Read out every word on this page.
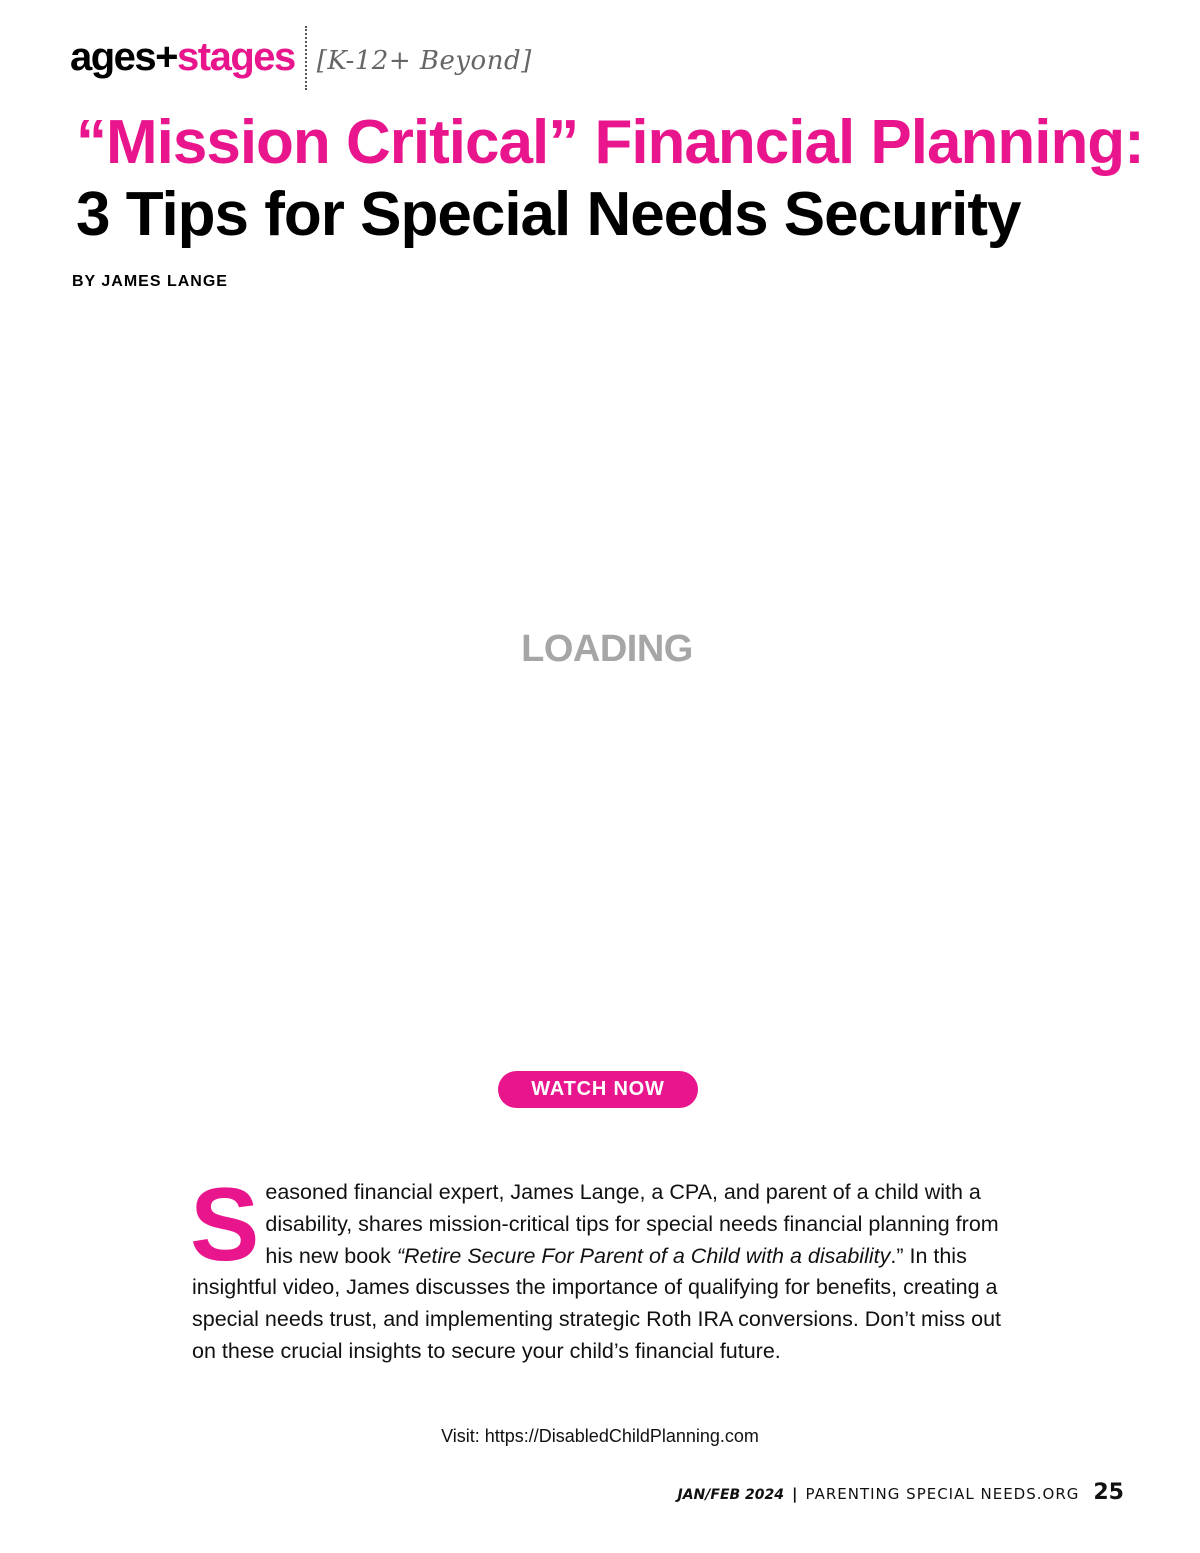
ages+stages [K-12+ Beyond]
“Mission Critical” Financial Planning:
3 Tips for Special Needs Security
BY JAMES LANGE
LOADING
WATCH NOW
Seasoned financial expert, James Lange, a CPA, and parent of a child with a disability, shares mission-critical tips for special needs financial planning from his new book “Retire Secure For Parent of a Child with a disability.” In this insightful video, James discusses the importance of qualifying for benefits, creating a special needs trust, and implementing strategic Roth IRA conversions. Don’t miss out on these crucial insights to secure your child’s financial future.
Visit: https://DisabledChildPlanning.com
JAN/FEB 2024 | PARENTING SPECIAL NEEDS.ORG 25
